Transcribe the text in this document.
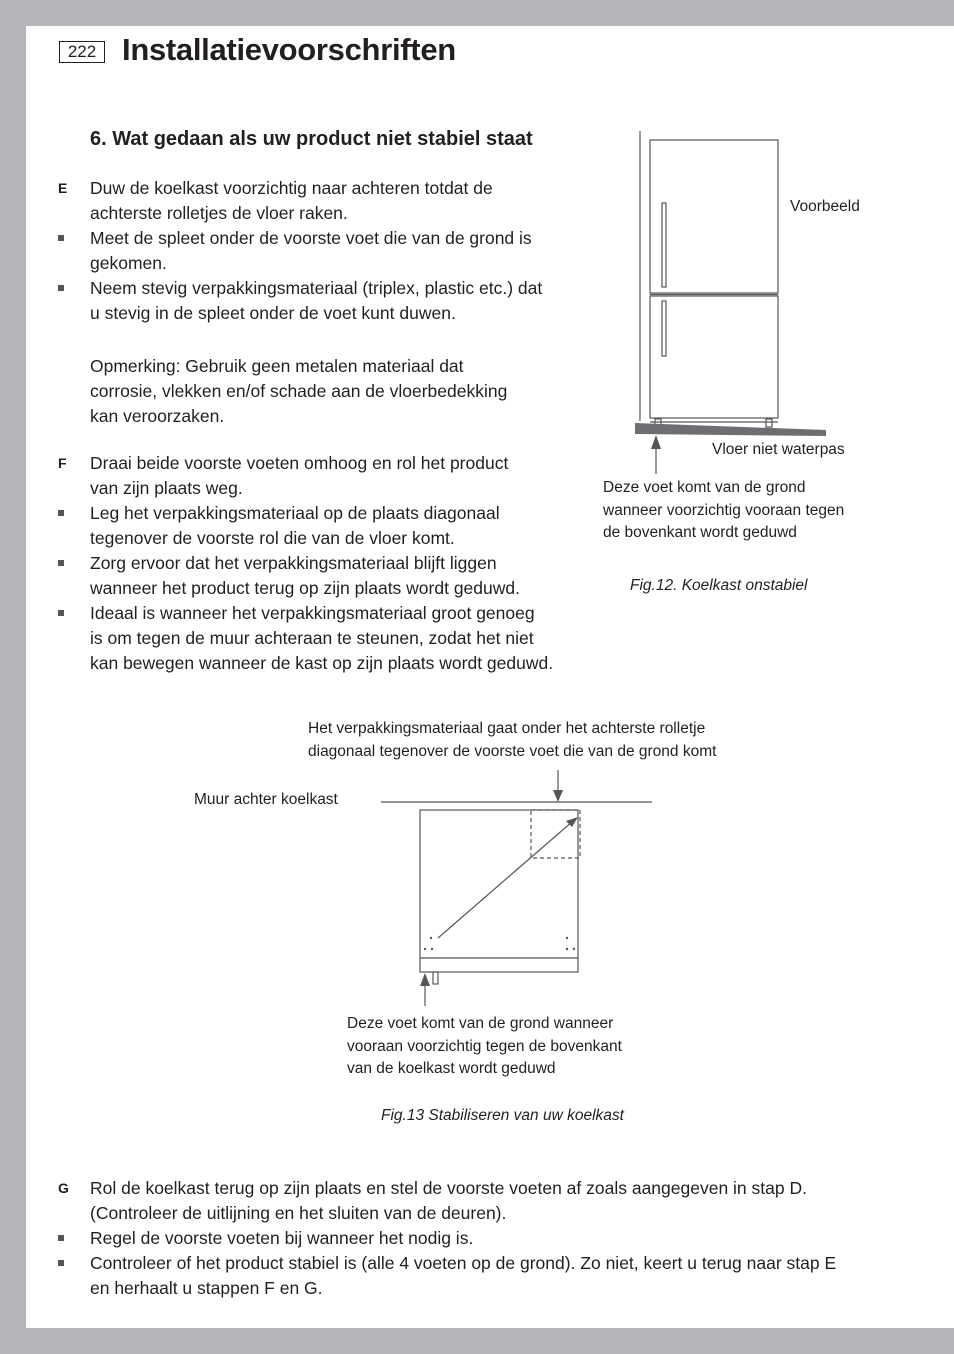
222 Installatievoorschriften
6. Wat gedaan als uw product niet stabiel staat
E Duw de koelkast voorzichtig naar achteren totdat de
achterste rolletjes de vloer raken.
Meet de spleet onder de voorste voet die van de grond is
gekomen.
Neem stevig verpakkingsmateriaal (triplex, plastic etc.) dat
u stevig in de spleet onder de voet kunt duwen.
Opmerking: Gebruik geen metalen materiaal dat
corrosie, vlekken en/of schade aan de vloerbedekking
kan veroorzaken.
F Draai beide voorste voeten omhoog en rol het product
van zijn plaats weg.
Leg het verpakkingsmateriaal op de plaats diagonaal
tegenover de voorste rol die van de vloer komt.
Zorg ervoor dat het verpakkingsmateriaal blijft liggen
wanneer het product terug op zijn plaats wordt geduwd.
Ideaal is wanneer het verpakkingsmateriaal groot genoeg
is om tegen de muur achteraan te steunen, zodat het niet
kan bewegen wanneer de kast op zijn plaats wordt geduwd.
Voorbeeld
Vloer niet waterpas
Deze voet komt van de grond
wanneer voorzichtig vooraan tegen
de bovenkant wordt geduwd
Fig.12. Koelkast onstabiel
Het verpakkingsmateriaal gaat onder het achterste rolletje
diagonaal tegenover de voorste voet die van de grond komt
Muur achter koelkast
Deze voet komt van de grond wanneer
vooraan voorzichtig tegen de bovenkant
van de koelkast wordt geduwd
Fig.13 Stabiliseren van uw koelkast
G Rol de koelkast terug op zijn plaats en stel de voorste voeten af zoals aangegeven in stap D.
(Controleer de uitlijning en het sluiten van de deuren).
Regel de voorste voeten bij wanneer het nodig is.
Controleer of het product stabiel is (alle 4 voeten op de grond). Zo niet, keert u terug naar stap E
en herhaalt u stappen F en G.
